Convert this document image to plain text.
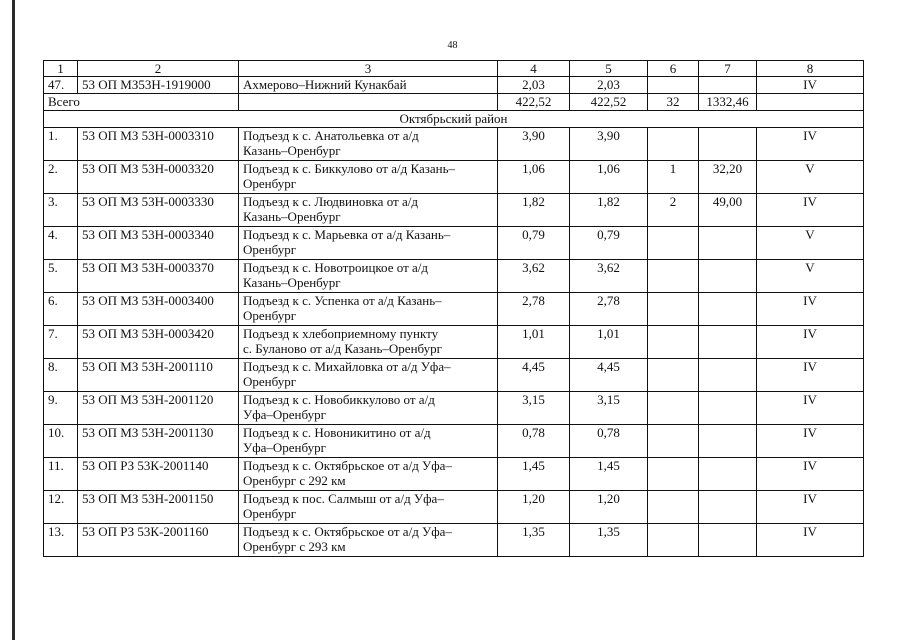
48
1	2	3	4	5	6	7	8
47.	53 ОП МЗ53Н-1919000	Ахмерово–Нижний Кунакбай	2,03	2,03			IV
Всего			422,52	422,52	32	1332,46	
Октябрьский район							
1.	53 ОП МЗ 53Н-0003310	Подъезд к с. Анатольевка от а/д
Казань–Оренбург	3,90	3,90			IV
2.	53 ОП МЗ 53Н-0003320	Подъезд к с. Биккулово от а/д Казань–
Оренбург	1,06	1,06	1	32,20	V
3.	53 ОП МЗ 53Н-0003330	Подъезд к с. Людвиновка от а/д
Казань–Оренбург	1,82	1,82	2	49,00	IV
4.	53 ОП МЗ 53Н-0003340	Подъезд к с. Марьевка от а/д Казань–
Оренбург	0,79	0,79			V
5.	53 ОП МЗ 53Н-0003370	Подъезд к с. Новотроицкое от а/д
Казань–Оренбург	3,62	3,62			V
6.	53 ОП МЗ 53Н-0003400	Подъезд к с. Успенка от а/д Казань–
Оренбург	2,78	2,78			IV
7.	53 ОП МЗ 53Н-0003420	Подъезд к хлебоприемному пункту
с. Буланово от а/д Казань–Оренбург	1,01	1,01			IV
8.	53 ОП МЗ 53Н-2001110	Подъезд к с. Михайловка от а/д Уфа–
Оренбург	4,45	4,45			IV
9.	53 ОП МЗ 53Н-2001120	Подъезд к с. Новобиккулово от а/д
Уфа–Оренбург	3,15	3,15			IV
10.	53 ОП МЗ 53Н-2001130	Подъезд к с. Новоникитино от а/д
Уфа–Оренбург	0,78	0,78			IV
11.	53 ОП РЗ 53К-2001140	Подъезд к с. Октябрьское от а/д Уфа–
Оренбург с 292 км	1,45	1,45			IV
12.	53 ОП МЗ 53Н-2001150	Подъезд к пос. Салмыш от а/д Уфа–
Оренбург	1,20	1,20			IV
13.	53 ОП РЗ 53К-2001160	Подъезд к с. Октябрьское от а/д Уфа–
Оренбург с 293 км	1,35	1,35			IV
